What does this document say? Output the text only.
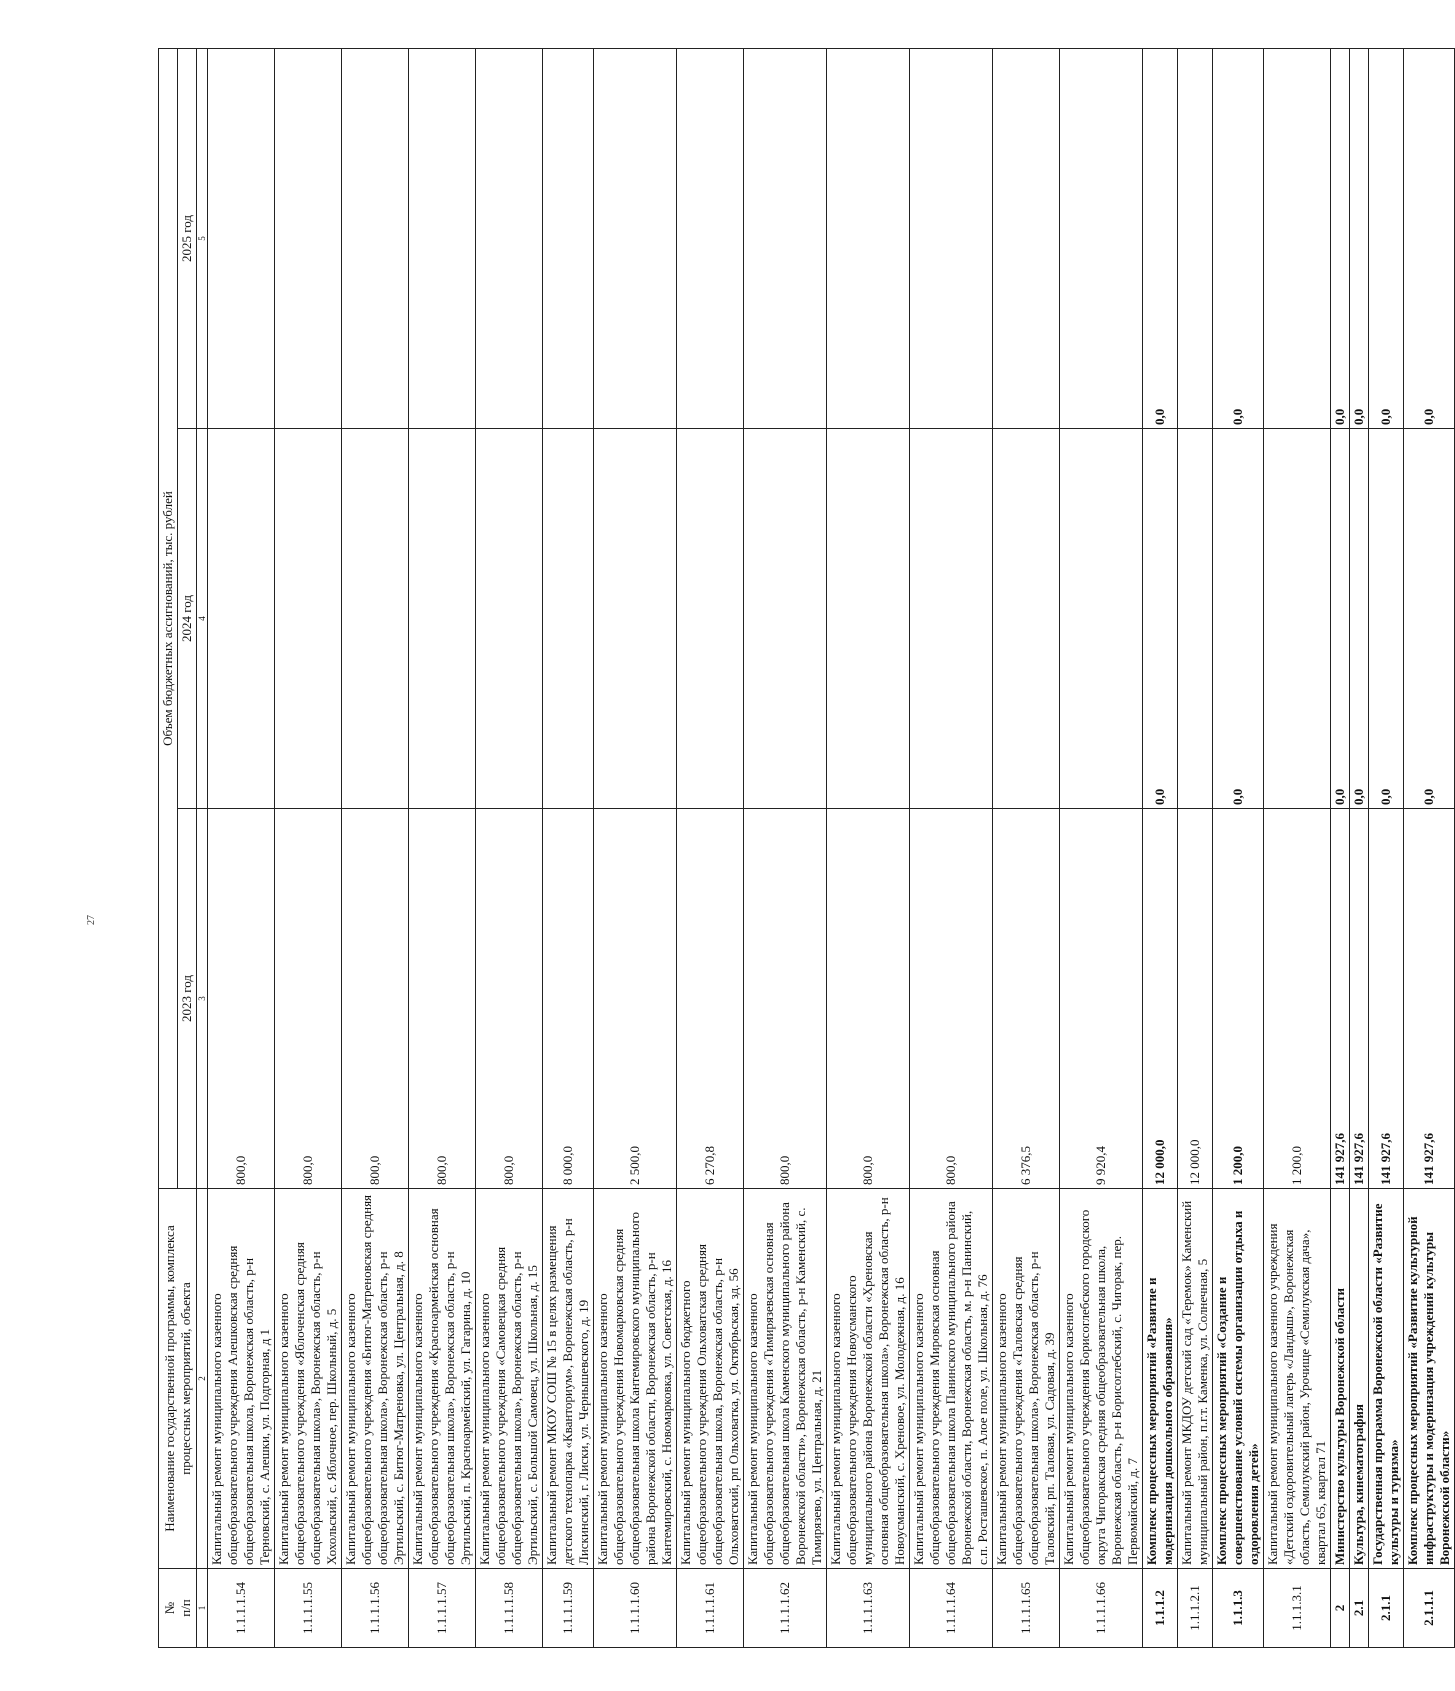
27
№
п/п	Наименование государственной программы, комплекса процессных мероприятий, объекта	Объем бюджетных ассигнований, тыс. рублей		
		2023 год	2024 год	2025 год
1	2	3	4	5
1.1.1.1.54	Капитальный ремонт муниципального казенного общеобразовательного учреждения Алешковская средняя общеобразовательная школа, Воронежская область, р-н Терновский, с. Алешки, ул. Подгорная, д 1	800,0		
1.1.1.1.55	Капитальный ремонт муниципального казенного общеобразовательного учреждения «Яблоченская средняя общеобразовательная школа», Воронежская область, р-н Хохольский, с. Яблочное, пер. Школьный, д. 5	800,0		
1.1.1.1.56	Капитальный ремонт муниципального казенного общеобразовательного учреждения «Битюг-Матреновская средняя общеобразовательная школа», Воронежская область, р-н Эртильский, с. Битюг-Матреновка, ул. Центральная, д. 8	800,0		
1.1.1.1.57	Капитальный ремонт муниципального казенного общеобразовательного учреждения «Красноармейская основная общеобразовательная школа», Воронежская область, р-н Эртильский, п. Красноармейский, ул. Гагарина, д. 10	800,0		
1.1.1.1.58	Капитальный ремонт муниципального казенного общеобразовательного учреждения «Самовецкая средняя общеобразовательная школа», Воронежская область, р-н Эртильский, с. Большой Самовец, ул. Школьная, д. 15	800,0		
1.1.1.1.59	Капитальный ремонт МКОУ СОШ № 15 в целях размещения детского технопарка «Кванториум», Воронежская область, р-н Лискинский, г. Лиски, ул. Чернышевского, д. 19	8 000,0		
1.1.1.1.60	Капитальный ремонт муниципального казенного общеобразовательного учреждения Новомарковская средняя общеобразовательная школа Кантемировского муниципального района Воронежской области, Воронежская область, р-н Кантемировский, с. Новомарковка, ул. Советская, д. 16	2 500,0		
1.1.1.1.61	Капитальный ремонт муниципального бюджетного общеобразовательного учреждения Ольховатская средняя общеобразовательная школа, Воронежская область, р-н Ольховатский, рп Ольховатка, ул. Октябрьская, зд. 56	6 270,8		
1.1.1.1.62	Капитальный ремонт муниципального казенного общеобразовательного учреждения «Тимирязевская основная общеобразовательная школа Каменского муниципального района Воронежской области», Воронежская область, р-н Каменский, с. Тимирязево, ул. Центральная, д. 21	800,0		
1.1.1.1.63	Капитальный ремонт муниципального казенного общеобразовательного учреждения Новоусманского муниципального района Воронежской области «Хреновская основная общеобразовательная школа», Воронежская область, р-н Новоусманский, с. Хреновое, ул. Молодежная, д. 16	800,0		
1.1.1.1.64	Капитальный ремонт муниципального казенного общеобразовательного учреждения Мировская основная общеобразовательная школа Панинского муниципального района Воронежской области, Воронежская область, м. р-н Панинский, с.п. Росташевское, п. Алое поле, ул. Школьная, д. 76	800,0		
1.1.1.1.65	Капитальный ремонт муниципального казенного общеобразовательного учреждения «Таловская средняя общеобразовательная школа», Воронежская область, р-н Таловский, рп. Таловая, ул. Садовая, д. 39	6 376,5		
1.1.1.1.66	Капитальный ремонт муниципального казенного общеобразовательного учреждения Борисоглебского городского округа Чигоракская средняя общеобразовательная школа, Воронежская область, р-н Борисоглебский, с. Чигорак, пер. Первомайский, д. 7	9 920,4		
1.1.1.2	Комплекс процессных мероприятий «Развитие и модернизация дошкольного образования»	12 000,0	0,0	0,0
1.1.1.2.1	Капитальный ремонт МКДОУ детский сад «Теремок» Каменский муниципальный район, п.г.т. Каменка, ул. Солнечная, 5	12 000,0		
1.1.1.3	Комплекс процессных мероприятий «Создание и совершенствование условий системы организации отдыха и оздоровления детей»	1 200,0	0,0	0,0
1.1.1.3.1	Капитальный ремонт муниципального казенного учреждения «Детский оздоровительный лагерь «Ландыш», Воронежская область, Семилукский район, Урочище «Семилукская дача», квартал 65, квартал 71	1 200,0		
2	Министерство культуры Воронежской области	141 927,6	0,0	0,0
2.1	Культура, кинематография	141 927,6	0,0	0,0
2.1.1	Государственная программа Воронежской области «Развитие культуры и туризма»	141 927,6	0,0	0,0
2.1.1.1	Комплекс процессных мероприятий «Развитие культурной инфраструктуры и модернизация учреждений культуры Воронежской области»	141 927,6	0,0	0,0
